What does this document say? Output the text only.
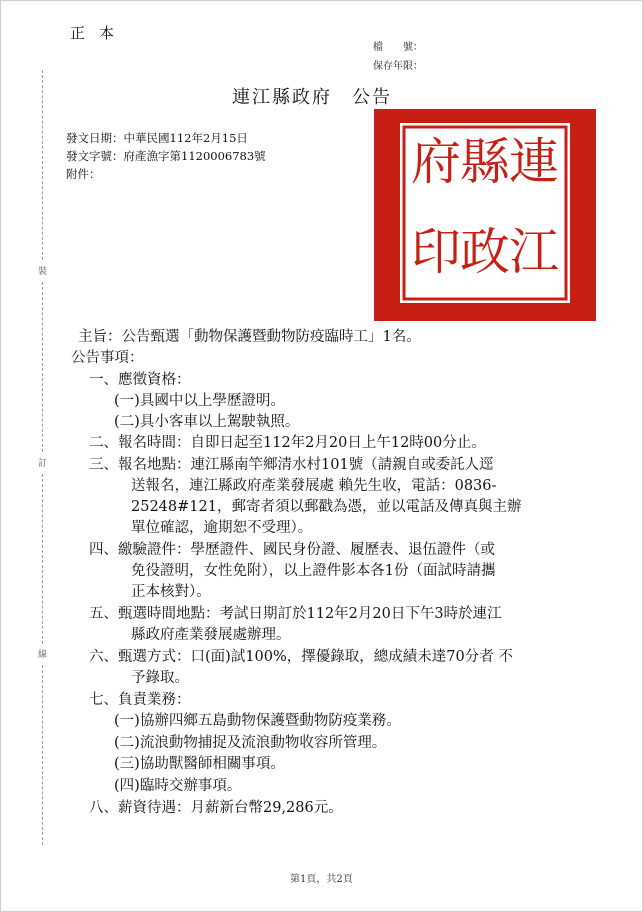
正本
檔　　號：
保存年限：
連江縣政府 公告
發文日期：中華民國112年2月15日
發文字號：府產漁字第1120006783號
附件：
裝
訂
線
連
縣
府
江
政
印
主旨：公告甄選「動物保護暨動物防疫臨時工」1名。
公告事項：
一、應徵資格：
(一)具國中以上學歷證明。
(二)具小客車以上駕駛執照。
二、報名時間：自即日起至112年2月20日上午12時00分止。
三、報名地點：連江縣南竿鄉清水村101號（請親自或委託人逕
送報名，連江縣政府產業發展處 賴先生收，電話：0836-
25248#121，郵寄者須以郵戳為憑，並以電話及傳真與主辦
單位確認，逾期恕不受理）。
四、繳驗證件：學歷證件、國民身份證、履歷表、退伍證件（或
免役證明，女性免附），以上證件影本各1份（面試時請攜
正本核對）。
五、甄選時間地點：考試日期訂於112年2月20日下午3時於連江
縣政府產業發展處辦理。
六、甄選方式：口(面)試100%，擇優錄取，總成績未達70分者 不
予錄取。
七、負責業務：
(一)協辦四鄉五島動物保護暨動物防疫業務。
(二)流浪動物捕捉及流浪動物收容所管理。
(三)協助獸醫師相關事項。
(四)臨時交辦事項。
八、薪資待遇：月薪新台幣29,286元。
第1頁，共2頁
